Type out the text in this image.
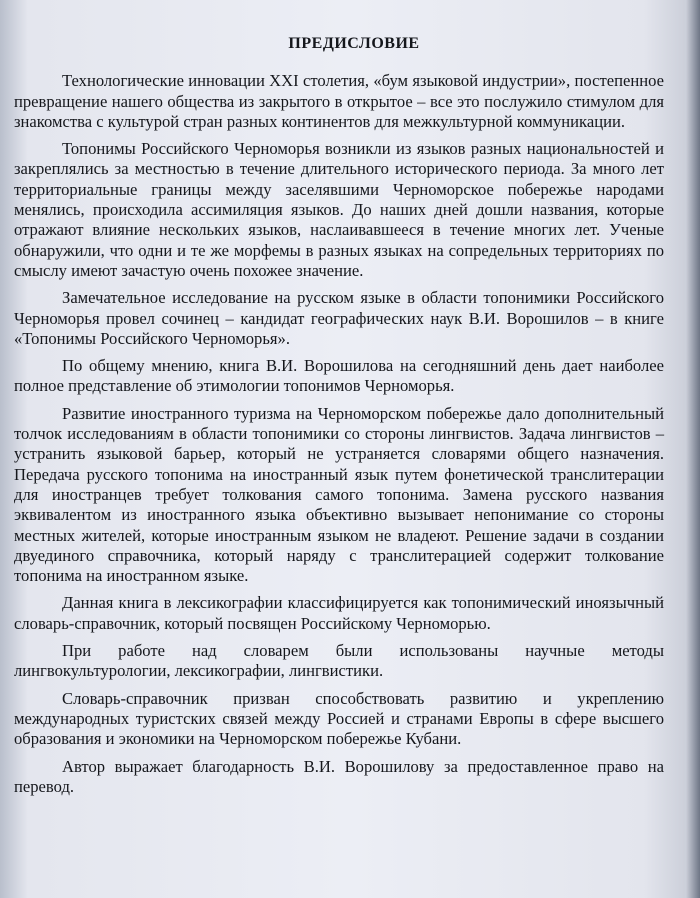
ПРЕДИСЛОВИЕ

Технологические инновации XXI столетия, «бум языковой индустрии», постепенное превращение нашего общества из закрытого в открытое – все это послужило стимулом для знакомства с культурой стран разных континентов для межкультурной коммуникации.

Топонимы Российского Черноморья возникли из языков разных национальностей и закреплялись за местностью в течение длительного исторического периода. За много лет территориальные границы между заселявшими Черноморское побережье народами менялись, происходила ассимиляция языков. До наших дней дошли названия, которые отражают влияние нескольких языков, наслаивавшееся в течение многих лет. Ученые обнаружили, что одни и те же морфемы в разных языках на сопредельных территориях по смыслу имеют зачастую очень похожее значение.

Замечательное исследование на русском языке в области топонимики Российского Черноморья провел сочинец – кандидат географических наук В.И. Ворошилов – в книге «Топонимы Российского Черноморья».

По общему мнению, книга В.И. Ворошилова на сегодняшний день дает наиболее полное представление об этимологии топонимов Черноморья.

Развитие иностранного туризма на Черноморском побережье дало дополнительный толчок исследованиям в области топонимики со стороны лингвистов. Задача лингвистов – устранить языковой барьер, который не устраняется словарями общего назначения. Передача русского топонима на иностранный язык путем фонетической транслитерации для иностранцев требует толкования самого топонима. Замена русского названия эквивалентом из иностранного языка объективно вызывает непонимание со стороны местных жителей, которые иностранным языком не владеют. Решение задачи в создании двуединого справочника, который наряду с транслитерацией содержит толкование топонима на иностранном языке.

Данная книга в лексикографии классифицируется как топонимический иноязычный словарь-справочник, который посвящен Российскому Черноморью.

При работе над словарем были использованы научные методы лингвокультурологии, лексикографии, лингвистики.

Словарь-справочник призван способствовать развитию и укреплению международных туристских связей между Россией и странами Европы в сфере высшего образования и экономики на Черноморском побережье Кубани.

Автор выражает благодарность В.И. Ворошилову за предоставленное право на перевод.
